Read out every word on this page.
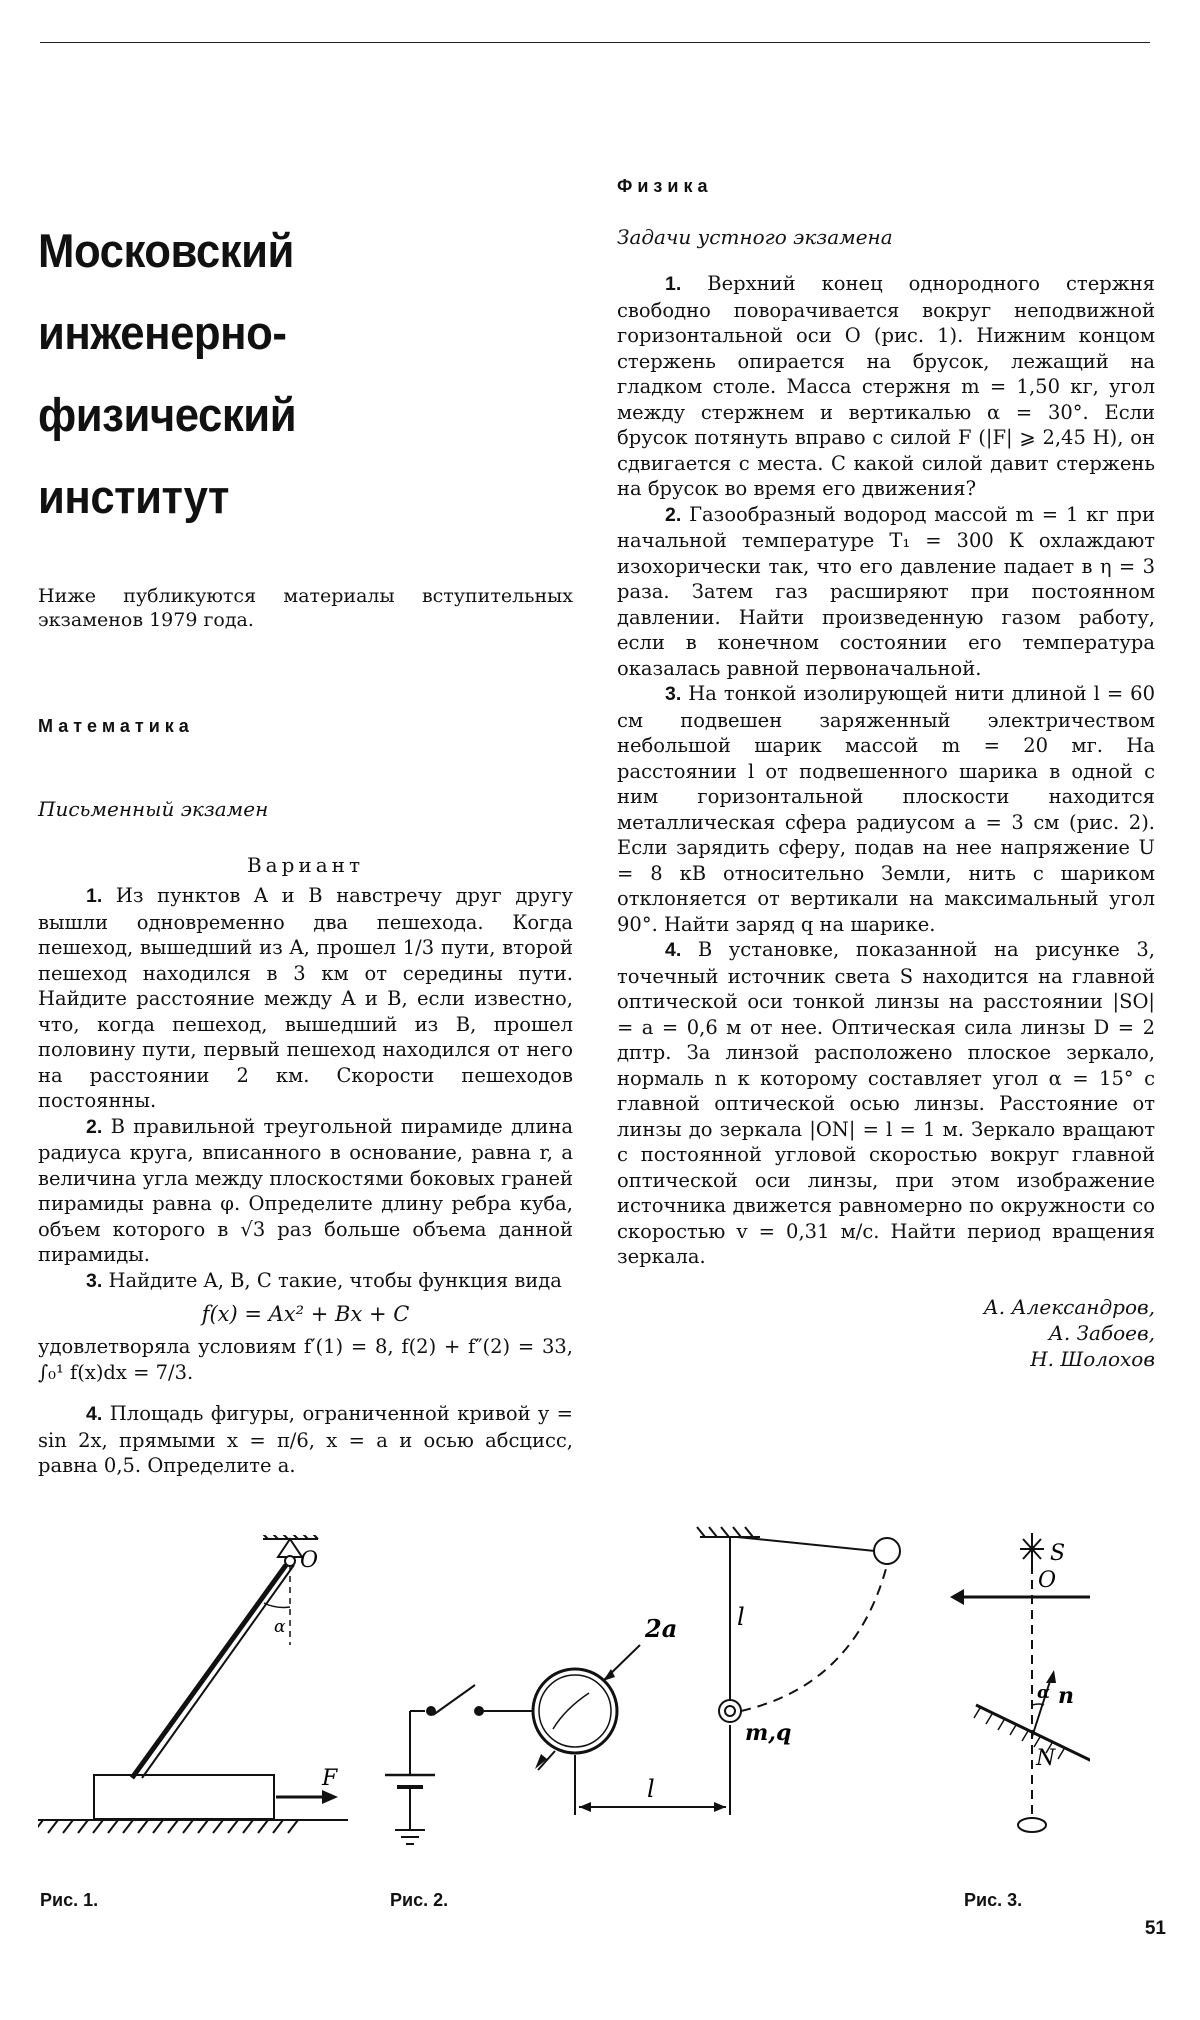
Московский
инженерно-физический
институт

Ниже публикуются материалы вступительных экзаменов 1979 года.

Математика
Письменный экзамен
Вариант

1. Из пунктов A и B навстречу друг другу вышли одновременно два пешехода. Когда пешеход, вышедший из A, прошел 1/3 пути, второй пешеход находился в 3 км от середины пути. Найдите расстояние между A и B, если известно, что, когда пешеход, вышедший из B, прошел половину пути, первый пешеход находился от него на расстоянии 2 км. Скорости пешеходов постоянны.

2. В правильной треугольной пирамиде длина радиуса круга, вписанного в основание, равна r, а величина угла между плоскостями боковых граней пирамиды равна φ. Определите длину ребра куба, объем которого в √3 раз больше объема данной пирамиды.

3. Найдите A, B, C такие, чтобы функция вида

f(x) = Ax² + Bx + C

удовлетворяла условиям f′(1) = 8, f(2) + f″(2) = 33, ∫₀¹ f(x)dx = 7/3.

4. Площадь фигуры, ограниченной кривой y = sin 2x, прямыми x = π/6, x = a и осью абсцисс, равна 0,5. Определите a.

Физика
Задачи устного экзамена

1. Верхний конец однородного стержня свободно поворачивается вокруг неподвижной горизонтальной оси O (рис. 1). Нижним концом стержень опирается на брусок, лежащий на гладком столе. Масса стержня m = 1,50 кг, угол между стержнем и вертикалью α = 30°. Если брусок потянуть вправо с силой F (|F| ⩾ 2,45 Н), он сдвигается с места. С какой силой давит стержень на брусок во время его движения?

2. Газообразный водород массой m = 1 кг при начальной температуре T₁ = 300 К охлаждают изохорически так, что его давление падает в η = 3 раза. Затем газ расширяют при постоянном давлении. Найти произведенную газом работу, если в конечном состоянии его температура оказалась равной первоначальной.

3. На тонкой изолирующей нити длиной l = 60 см подвешен заряженный электричеством небольшой шарик массой m = 20 мг. На расстоянии l от подвешенного шарика в одной с ним горизонтальной плоскости находится металлическая сфера радиусом a = 3 см (рис. 2). Если зарядить сферу, подав на нее напряжение U = 8 кВ относительно Земли, нить с шариком отклоняется от вертикали на максимальный угол 90°. Найти заряд q на шарике.

4. В установке, показанной на рисунке 3, точечный источник света S находится на главной оптической оси тонкой линзы на расстоянии |SO| = a = 0,6 м от нее. Оптическая сила линзы D = 2 дптр. За линзой расположено плоское зеркало, нормаль n к которому составляет угол α = 15° с главной оптической осью линзы. Расстояние от линзы до зеркала |ON| = l = 1 м. Зеркало вращают с постоянной угловой скоростью вокруг главной оптической оси линзы, при этом изображение источника движется равномерно по окружности со скоростью v = 0,31 м/с. Найти период вращения зеркала.

А. Александров,
А. Забоев,
Н. Шолохов
O
α
F
Рис. 1.
2a l
l
m,q
Рис. 2.
S
O
α n
N
Рис. 3.
51
